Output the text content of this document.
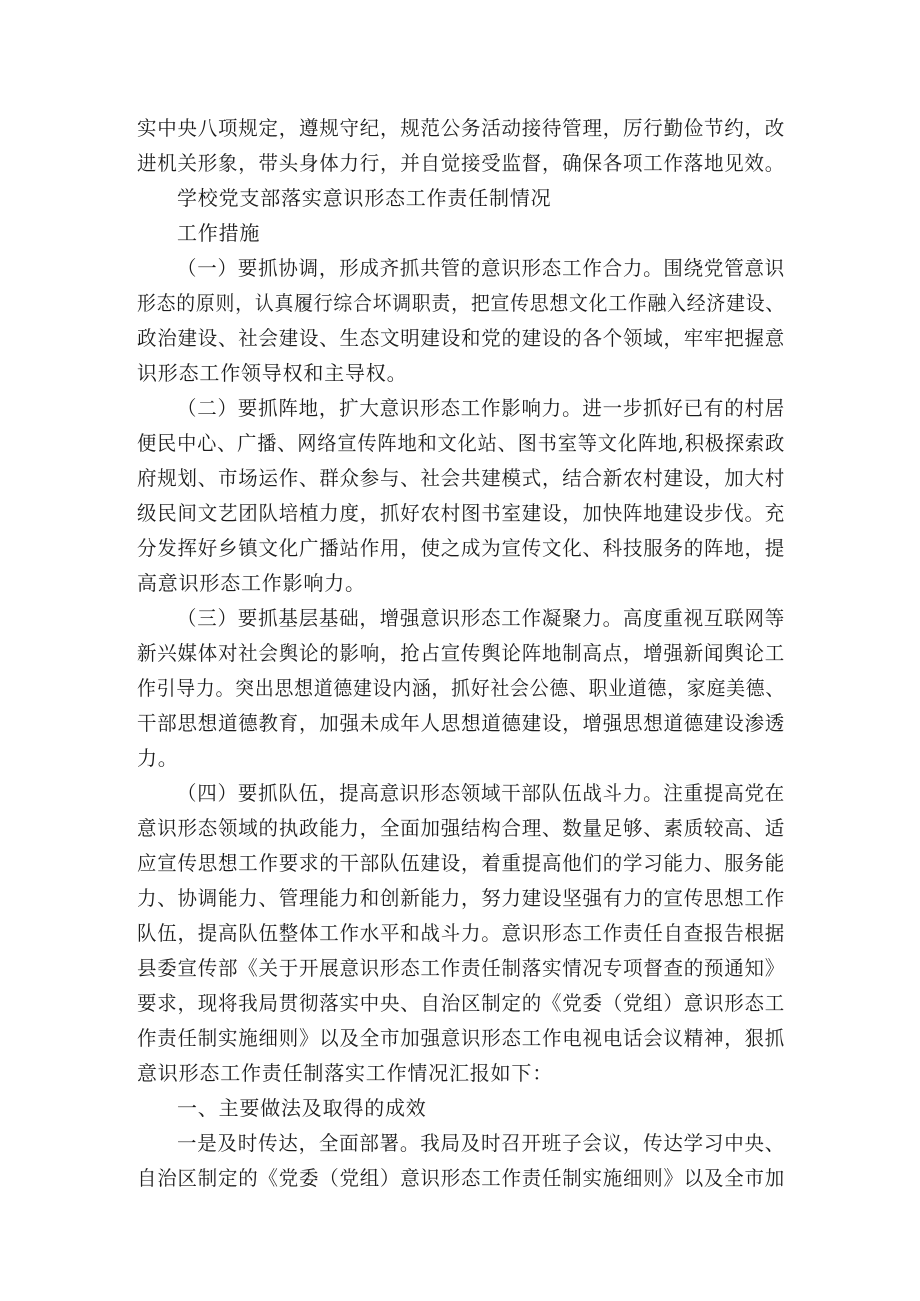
实中央八项规定，遵规守纪，规范公务活动接待管理，厉行勤俭节约，改
进机关形象，带头身体力行，并自觉接受监督，确保各项工作落地见效。
学校党支部落实意识形态工作责任制情况
工作措施
（一）要抓协调，形成齐抓共管的意识形态工作合力。围绕党管意识
形态的原则，认真履行综合坏调职责，把宣传思想文化工作融入经济建设、
政治建设、社会建设、生态文明建设和党的建设的各个领域，牢牢把握意
识形态工作领导权和主导权。
（二）要抓阵地，扩大意识形态工作影响力。进一步抓好已有的村居
便民中心、广播、网络宣传阵地和文化站、图书室等文化阵地,积极探索政
府规划、市场运作、群众参与、社会共建模式，结合新农村建设，加大村
级民间文艺团队培植力度，抓好农村图书室建设，加快阵地建设步伐。充
分发挥好乡镇文化广播站作用，使之成为宣传文化、科技服务的阵地，提
高意识形态工作影响力。
（三）要抓基层基础，增强意识形态工作凝聚力。高度重视互联网等
新兴媒体对社会舆论的影响，抢占宣传舆论阵地制高点，增强新闻舆论工
作引导力。突出思想道德建设内涵，抓好社会公德、职业道德，家庭美德、
干部思想道德教育，加强未成年人思想道德建设，增强思想道德建设渗透
力。
（四）要抓队伍，提高意识形态领域干部队伍战斗力。注重提高党在
意识形态领域的执政能力，全面加强结构合理、数量足够、素质较高、适
应宣传思想工作要求的干部队伍建设，着重提高他们的学习能力、服务能
力、协调能力、管理能力和创新能力，努力建设坚强有力的宣传思想工作
队伍，提高队伍整体工作水平和战斗力。意识形态工作责任自查报告根据
县委宣传部《关于开展意识形态工作责任制落实情况专项督查的预通知》
要求，现将我局贯彻落实中央、自治区制定的《党委（党组）意识形态工
作责任制实施细则》以及全市加强意识形态工作电视电话会议精神，狠抓
意识形态工作责任制落实工作情况汇报如下：
一、主要做法及取得的成效
一是及时传达，全面部署。我局及时召开班子会议，传达学习中央、
自治区制定的《党委（党组）意识形态工作责任制实施细则》以及全市加
